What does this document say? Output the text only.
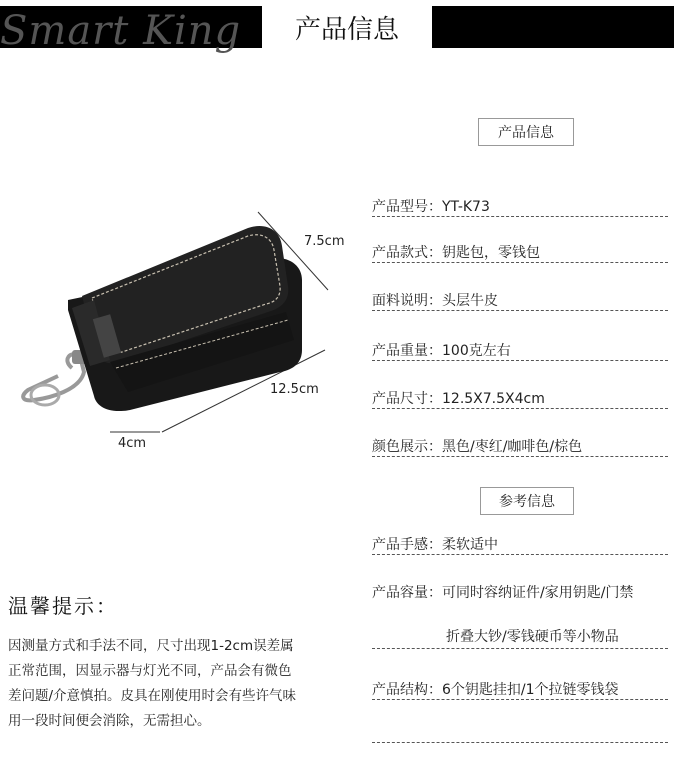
Smart King 产品信息
7.5cm
12.5cm
4cm
产品信息
产品型号：YT-K73
产品款式：钥匙包，零钱包
面料说明：头层牛皮
产品重量：100克左右
产品尺寸：12.5X7.5X4cm
颜色展示：黑色/枣红/咖啡色/棕色
参考信息
产品手感：柔软适中
产品容量：可同时容纳证件/家用钥匙/门禁
折叠大钞/零钱硬币等小物品
产品结构：6个钥匙挂扣/1个拉链零钱袋
温馨提示：
因测量方式和手法不同，尺寸出现1-2cm误差属
正常范围，因显示器与灯光不同，产品会有微色
差问题/介意慎拍。皮具在刚使用时会有些许气味
用一段时间便会消除，无需担心。
